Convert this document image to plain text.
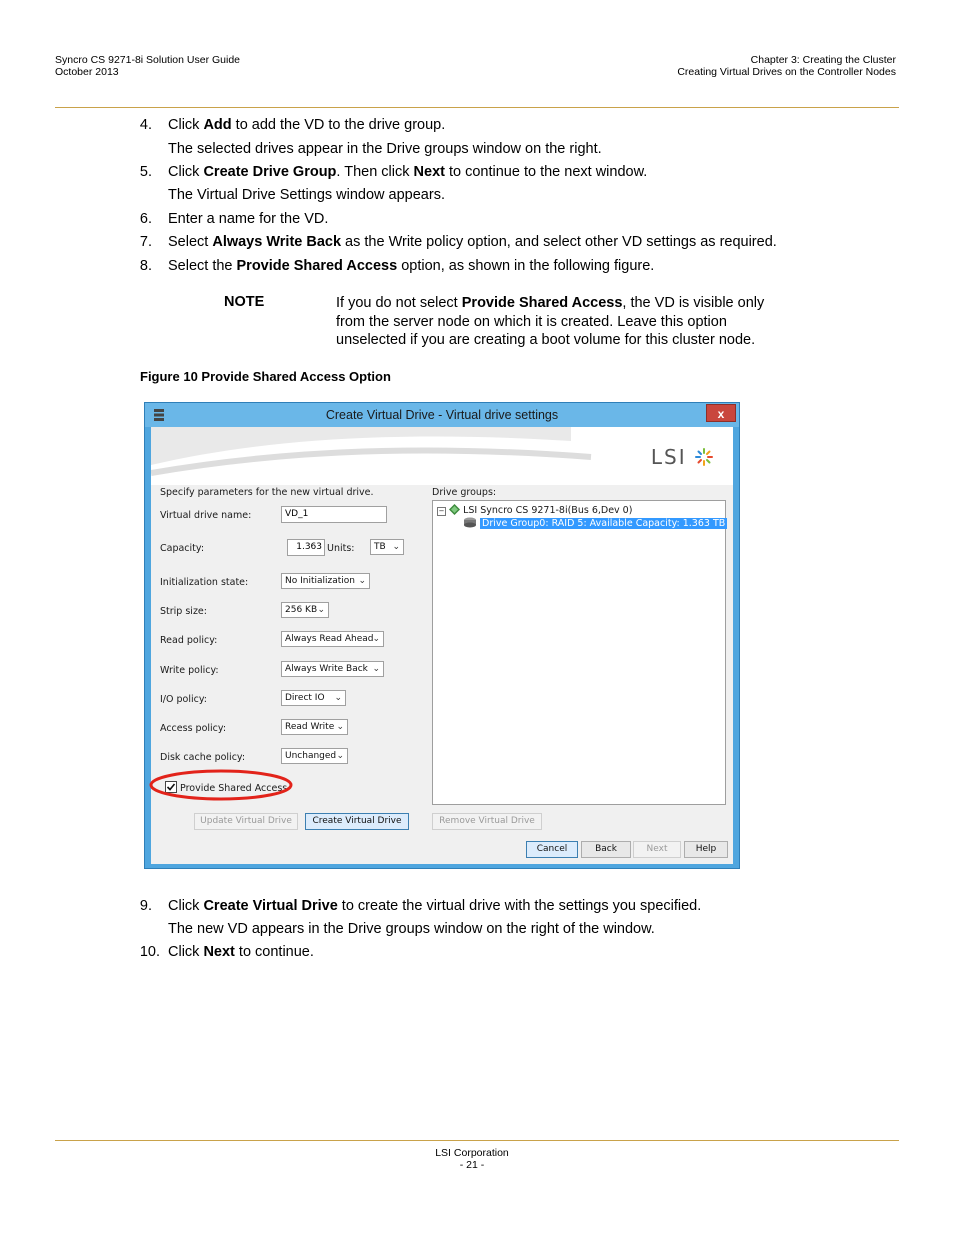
Syncro CS 9271-8i Solution User Guide
October 2013
Chapter 3: Creating the Cluster
Creating Virtual Drives on the Controller Nodes
4. Click Add to add the VD to the drive group.
The selected drives appear in the Drive groups window on the right.
5. Click Create Drive Group. Then click Next to continue to the next window.
The Virtual Drive Settings window appears.
6. Enter a name for the VD.
7. Select Always Write Back as the Write policy option, and select other VD settings as required.
8. Select the Provide Shared Access option, as shown in the following figure.
NOTE	If you do not select Provide Shared Access, the VD is visible only from the server node on which it is created. Leave this option unselected if you are creating a boot volume for this cluster node.
Figure 10 Provide Shared Access Option
Create Virtual Drive - Virtual drive settings	x
LSI
Specify parameters for the new virtual drive.
Virtual drive name:	VD_1
Capacity:	1.363 Units:	TB ⌄
Initialization state:	No Initialization ⌄
Strip size:	256 KB ⌄
Read policy:	Always Read Ahead
⌄
Write policy:	Always Write Back ⌄
I/O policy:	Direct IO ⌄
Access policy:	Read Write ⌄
Disk cache policy:	Unchanged ⌄
Provide Shared Access
Drive groups:
− LSI Syncro CS 9271-8i(Bus 6,Dev 0)
Drive Group0: RAID 5: Available Capacity: 1.363 TB
Update Virtual Drive	Create Virtual Drive	Remove Virtual Drive
Cancel	Back	Next	Help
9. Click Create Virtual Drive to create the virtual drive with the settings you specified.
The new VD appears in the Drive groups window on the right of the window.
10. Click Next to continue.
LSI Corporation
- 21 -
